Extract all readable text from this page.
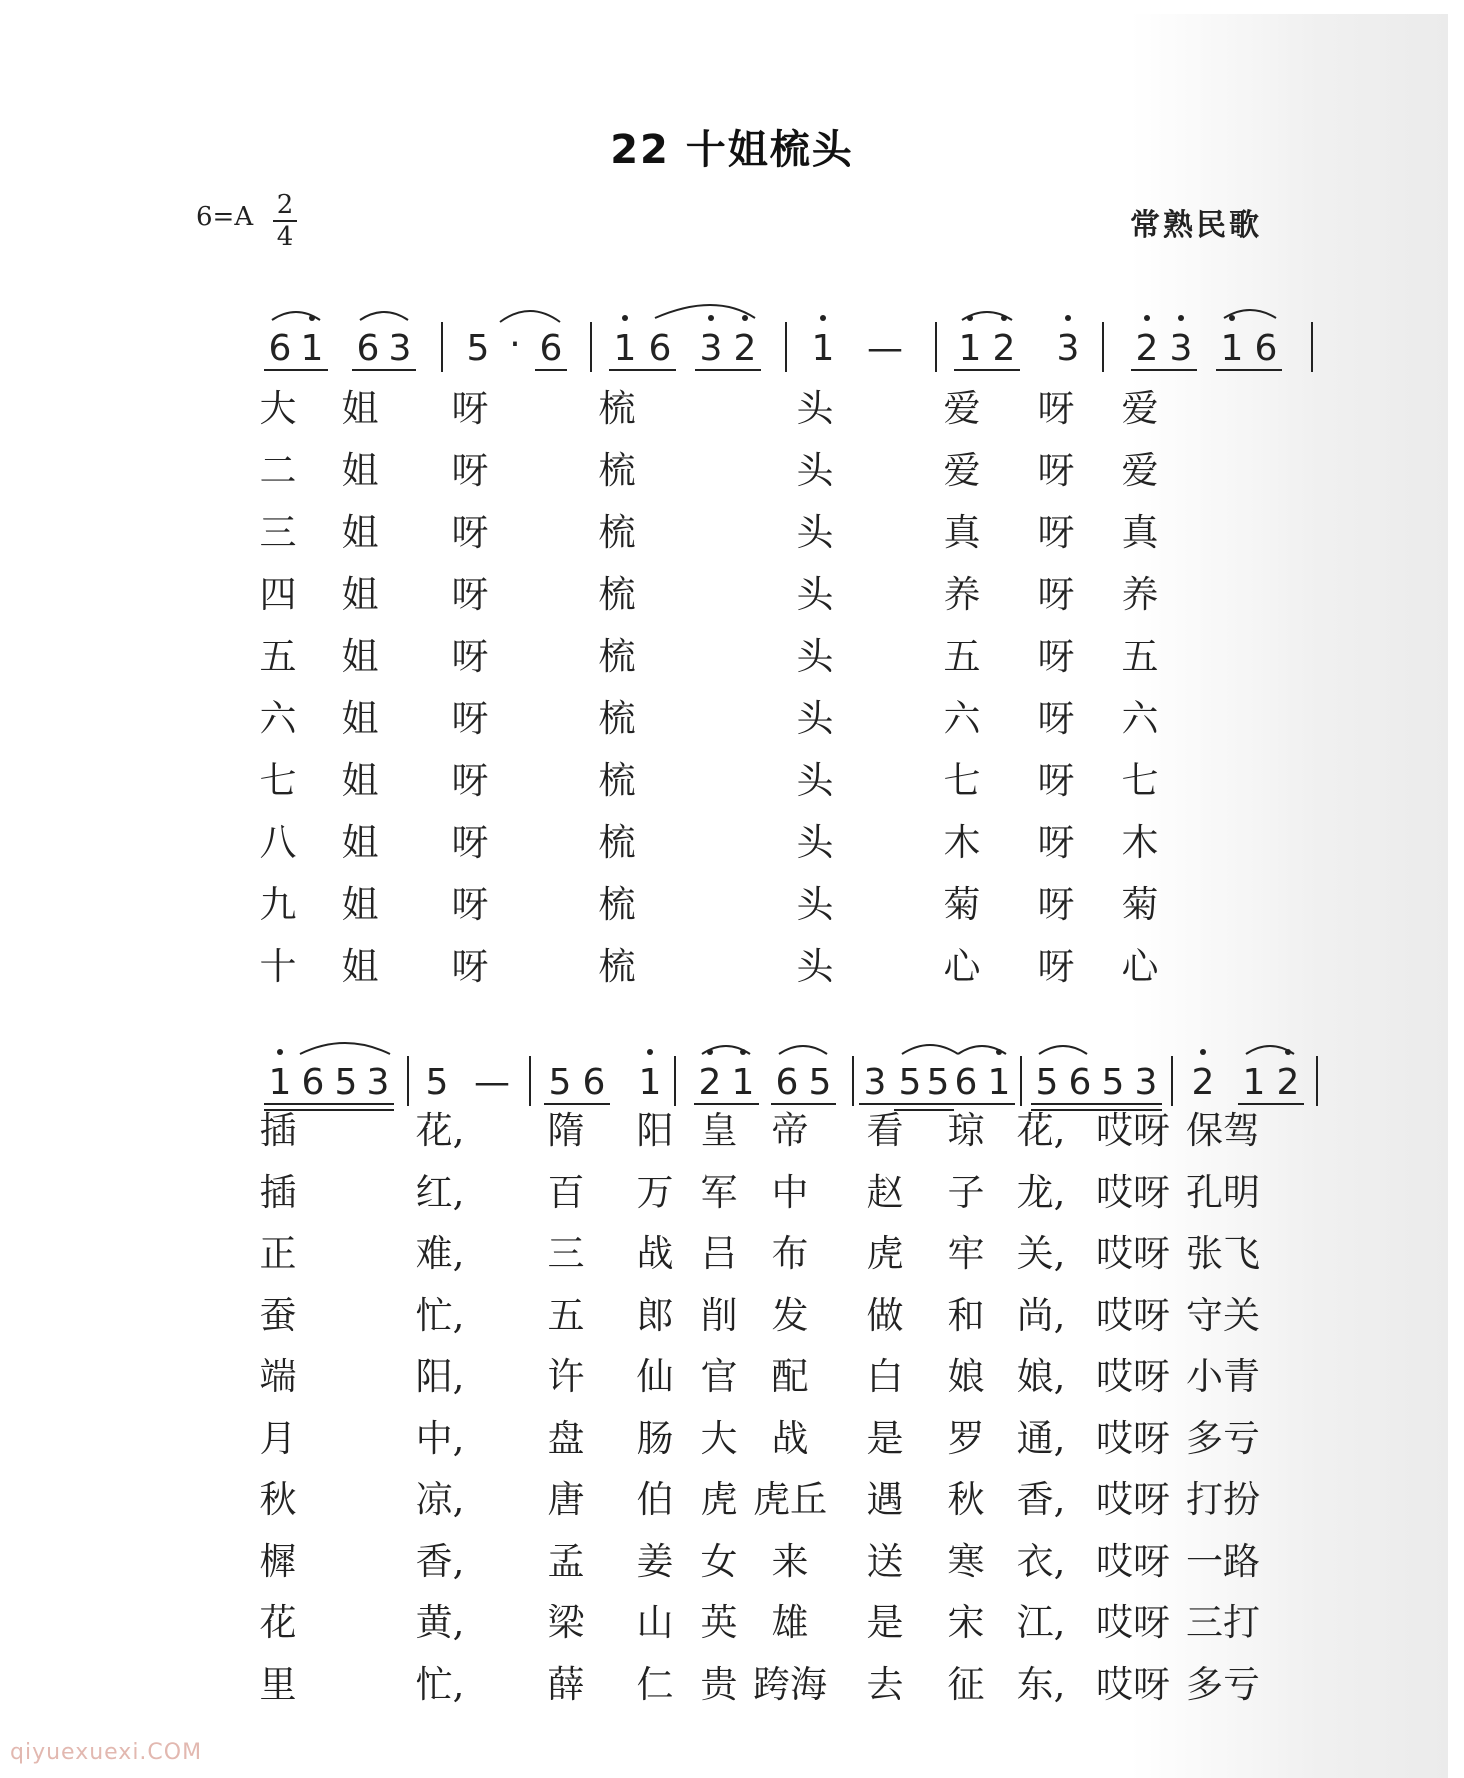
22 十姐梳头
6=A 2
4	常熟民歌
6 1 6 3 5 · 6 1 6 3 2 1 — 1 2 3 2 3 1 6
1 6 5 3 5 — 5 6 1 2 1 6 5 3 5 5 6 1 5 6 5 3 2 1 2
大	姐	呀	梳	头	爱	呀	爱
二	姐	呀	梳	头	爱	呀	爱
三	姐	呀	梳	头	真	呀	真
四	姐	呀	梳	头	养	呀	养
五	姐	呀	梳	头	五	呀	五
六	姐	呀	梳	头	六	呀	六
七	姐	呀	梳	头	七	呀	七
八	姐	呀	梳	头	木	呀	木
九	姐	呀	梳	头	菊	呀	菊
十	姐	呀	梳	头	心	呀	心
插	花,	隋	阳 皇 帝	看	琼 花, 哎呀 保驾
插	红,	百	万 军 中	赵	子 龙, 哎呀 孔明
正	难,	三	战 吕 布	虎	牢 关, 哎呀 张飞
蚕	忙,	五	郎 削 发	做	和 尚, 哎呀 守关
端	阳,	许	仙 官 配	白	娘 娘, 哎呀 小青
月	中,	盘	肠 大 战	是	罗 通, 哎呀 多亏
秋	凉,	唐	伯 虎 虎丘	遇	秋 香, 哎呀 打扮
樨	香,	孟	姜 女 来	送	寒 衣, 哎呀 一路
花	黄,	梁	山 英 雄	是	宋 江, 哎呀 三打
里	忙,	薛	仁 贵 跨海	去	征 东, 哎呀 多亏
qiyuexuexi.COM
